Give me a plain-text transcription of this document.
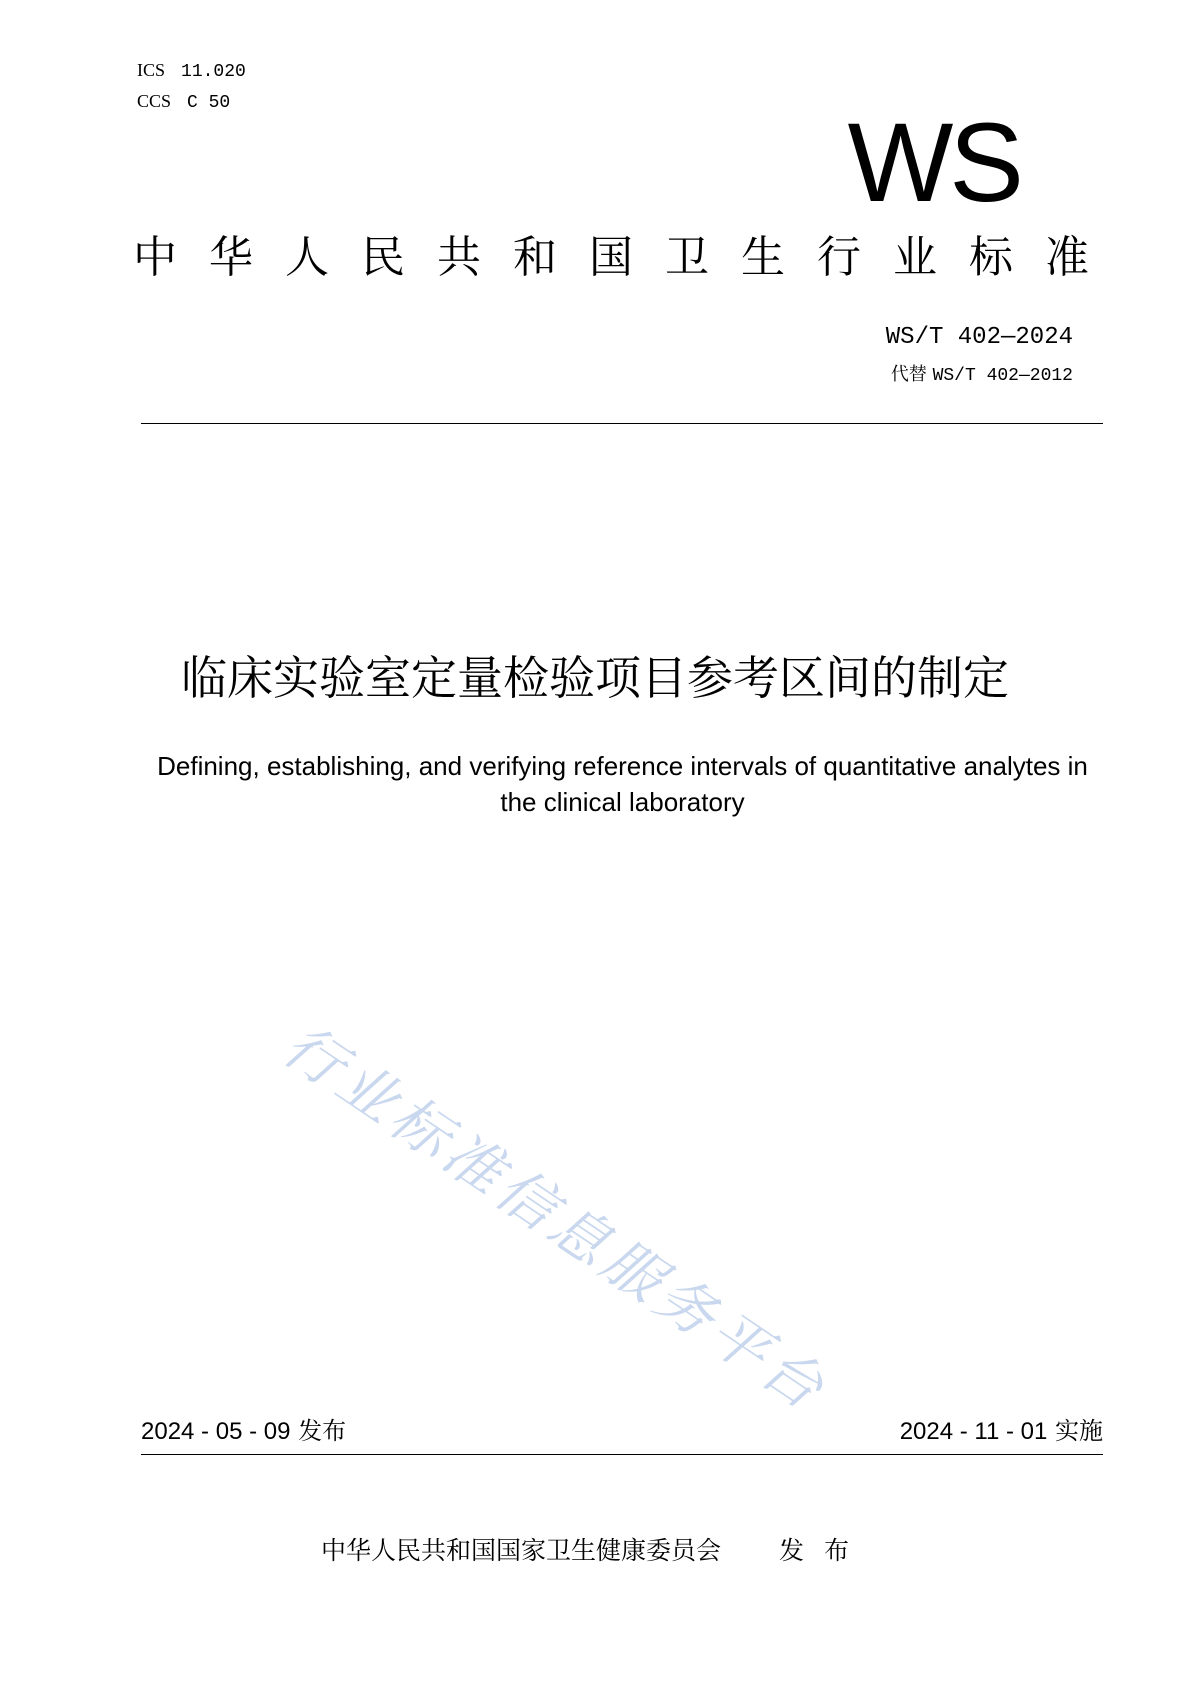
ICS 11.020
CCS C 50	WS
中华人民共和国卫生行业标准
WS/T 402—2024
代替 WS/T 402—2012
临床实验室定量检验项目参考区间的制定
Defining, establishing, and verifying reference intervals of quantitative analytes in the clinical laboratory
行业标准信息服务平台
2024 - 05 - 09 发布	2024 - 11 - 01 实施
中华人民共和国国家卫生健康委员会 发布
